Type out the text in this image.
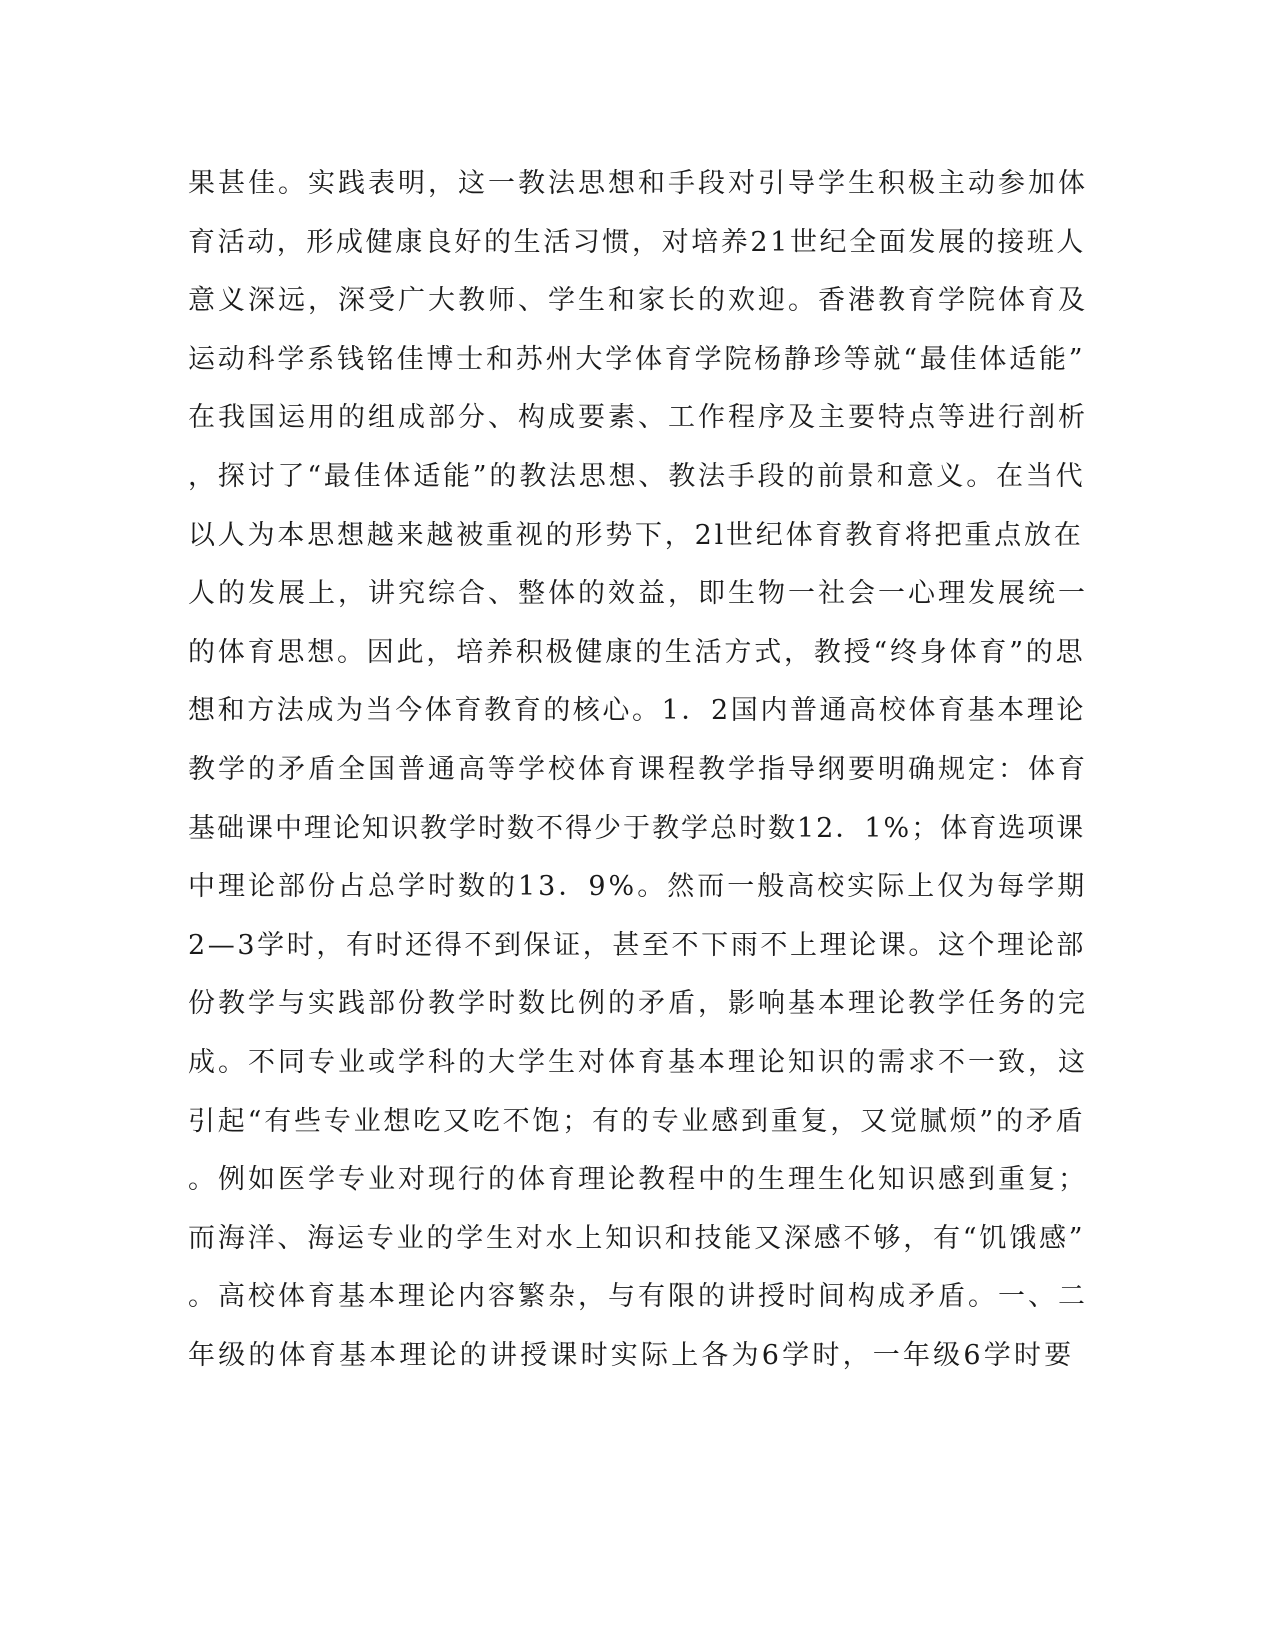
果甚佳。实践表明，这一教法思想和手段对引导学生积极主动参加体
育活动，形成健康良好的生活习惯，对培养21世纪全面发展的接班人
意义深远，深受广大教师、学生和家长的欢迎。香港教育学院体育及
运动科学系钱铭佳博士和苏州大学体育学院杨静珍等就“最佳体适能”
在我国运用的组成部分、构成要素、工作程序及主要特点等进行剖析
，探讨了“最佳体适能”的教法思想、教法手段的前景和意义。在当代
以人为本思想越来越被重视的形势下，2l世纪体育教育将把重点放在
人的发展上，讲究综合、整体的效益，即生物一社会一心理发展统一
的体育思想。因此，培养积极健康的生活方式，教授“终身体育”的思
想和方法成为当今体育教育的核心。1．2国内普通高校体育基本理论
教学的矛盾全国普通高等学校体育课程教学指导纲要明确规定：体育
基础课中理论知识教学时数不得少于教学总时数12．1%；体育选项课
中理论部份占总学时数的13．9%。然而一般高校实际上仅为每学期
2—3学时，有时还得不到保证，甚至不下雨不上理论课。这个理论部
份教学与实践部份教学时数比例的矛盾，影响基本理论教学任务的完
成。不同专业或学科的大学生对体育基本理论知识的需求不一致，这
引起“有些专业想吃又吃不饱；有的专业感到重复，又觉腻烦”的矛盾
。例如医学专业对现行的体育理论教程中的生理生化知识感到重复；
而海洋、海运专业的学生对水上知识和技能又深感不够，有“饥饿感”
。高校体育基本理论内容繁杂，与有限的讲授时间构成矛盾。一、二
年级的体育基本理论的讲授课时实际上各为6学时，一年级6学时要
